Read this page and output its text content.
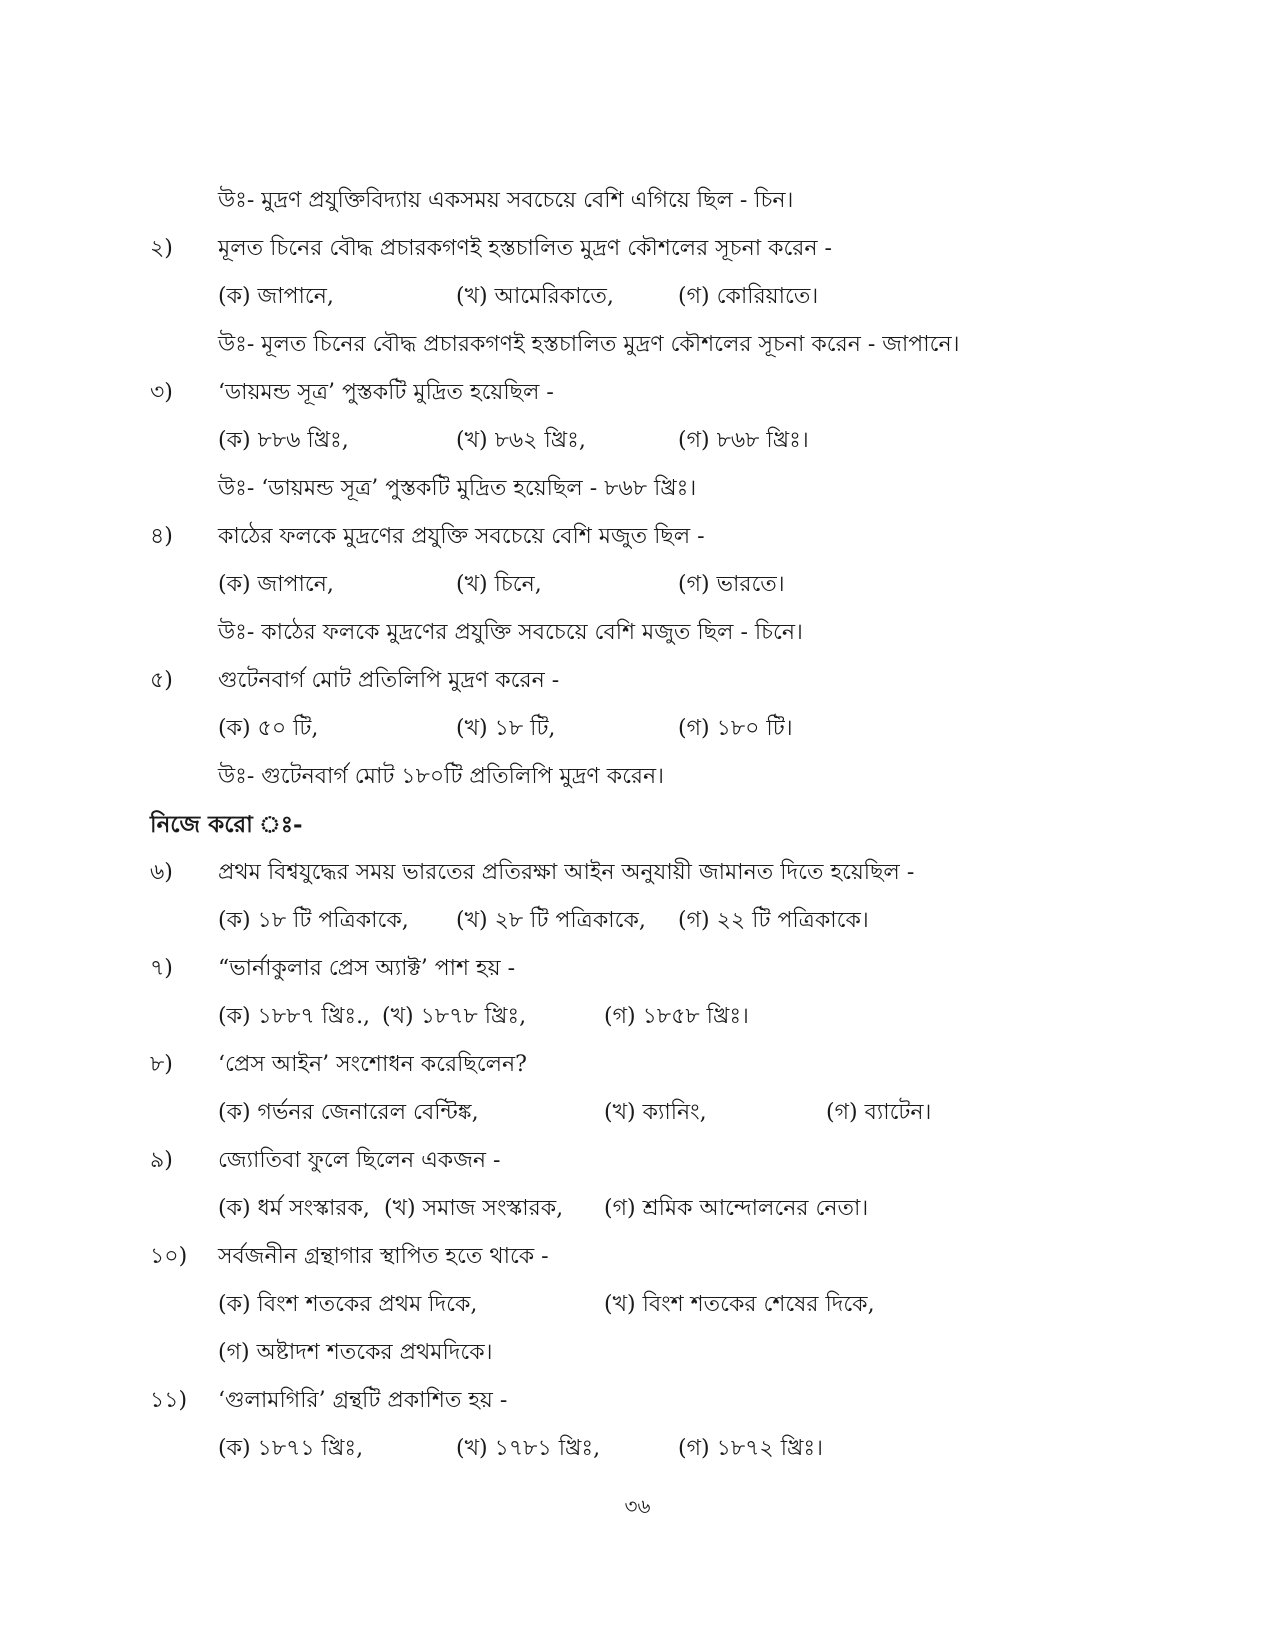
উঃ- মুদ্রণ প্রযুক্তিবিদ্যায় একসময় সবচেয়ে বেশি এগিয়ে ছিল - চিন।
২) মূলত চিনের বৌদ্ধ প্রচারকগণই হস্তচালিত মুদ্রণ কৌশলের সূচনা করেন -
(ক) জাপানে,	(খ) আমেরিকাতে,	(গ) কোরিয়াতে।
উঃ- মূলত চিনের বৌদ্ধ প্রচারকগণই হস্তচালিত মুদ্রণ কৌশলের সূচনা করেন - জাপানে।
৩) ‘ডায়মন্ড সূত্র’ পুস্তকটি মুদ্রিত হয়েছিল -
(ক) ৮৮৬ খ্রিঃ,	(খ) ৮৬২ খ্রিঃ,	(গ) ৮৬৮ খ্রিঃ।
উঃ- ‘ডায়মন্ড সূত্র’ পুস্তকটি মুদ্রিত হয়েছিল - ৮৬৮ খ্রিঃ।
৪) কাঠের ফলকে মুদ্রণের প্রযুক্তি সবচেয়ে বেশি মজুত ছিল -
(ক) জাপানে,	(খ) চিনে,	(গ) ভারতে।
উঃ- কাঠের ফলকে মুদ্রণের প্রযুক্তি সবচেয়ে বেশি মজুত ছিল - চিনে।
৫) গুটেনবার্গ মোট প্রতিলিপি মুদ্রণ করেন -
(ক) ৫০ টি,	(খ) ১৮ টি,	(গ) ১৮০ টি।
উঃ- গুটেনবার্গ মোট ১৮০টি প্রতিলিপি মুদ্রণ করেন।
নিজে করো ঃ-
৬) প্রথম বিশ্বযুদ্ধের সময় ভারতের প্রতিরক্ষা আইন অনুযায়ী জামানত দিতে হয়েছিল -
(ক) ১৮ টি পত্রিকাকে, (খ) ২৮ টি পত্রিকাকে, (গ) ২২ টি পত্রিকাকে।
৭) “ভার্নাকুলার প্রেস অ্যাক্ট’ পাশ হয় -
(ক) ১৮৮৭ খ্রিঃ., (খ) ১৮৭৮ খ্রিঃ,	(গ) ১৮৫৮ খ্রিঃ।
৮) ‘প্রেস আইন’ সংশোধন করেছিলেন?
(ক) গর্ভনর জেনারেল বেন্টিঙ্ক,	(খ) ক্যানিং,	(গ) ব্যাটেন।
৯) জ্যোতিবা ফুলে ছিলেন একজন -
(ক) ধর্ম সংস্কারক, (খ) সমাজ সংস্কারক, (গ) শ্রমিক আন্দোলনের নেতা।
১০) সর্বজনীন গ্রন্থাগার স্থাপিত হতে থাকে -
(ক) বিংশ শতকের প্রথম দিকে,	(খ) বিংশ শতকের শেষের দিকে,
(গ) অষ্টাদশ শতকের প্রথমদিকে।
১১) ‘গুলামগিরি’ গ্রন্থটি প্রকাশিত হয় -
(ক) ১৮৭১ খ্রিঃ,	(খ) ১৭৮১ খ্রিঃ,	(গ) ১৮৭২ খ্রিঃ।
৩৬
